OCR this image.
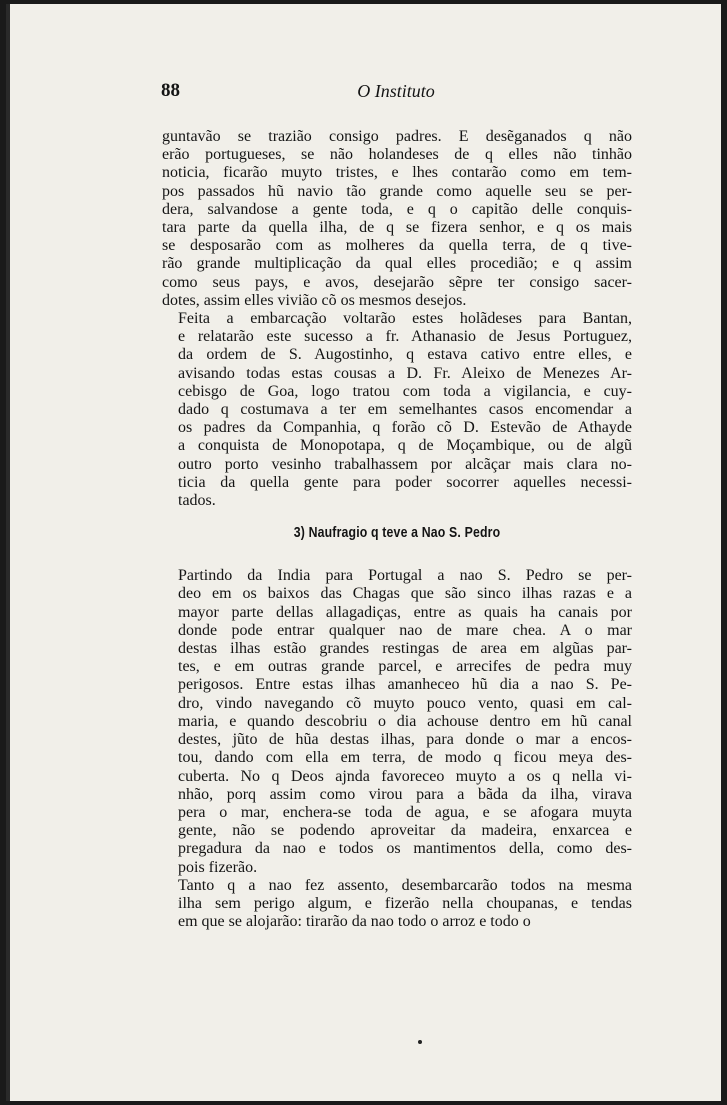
88	O Instituto

guntavão se trazião consigo padres. E desẽganados q não
erão portugueses, se não holandeses de q elles não tinhão
noticia, ficarão muyto tristes, e lhes contarão como em tem-
pos passados hũ navio tão grande como aquelle seu se per-
dera, salvandose a gente toda, e q o capitão delle conquis-
tara parte da quella ilha, de q se fizera senhor, e q os mais
se desposarão com as molheres da quella terra, de q tive-
rão grande multiplicação da qual elles procedião; e q assim
como seus pays, e avos, desejarão sẽpre ter consigo sacer-
dotes, assim elles vivião cõ os mesmos desejos.

Feita a embarcação voltarão estes holãdeses para Bantan,
e relatarão este sucesso a fr. Athanasio de Jesus Portuguez,
da ordem de S. Augostinho, q estava cativo entre elles, e
avisando todas estas cousas a D. Fr. Aleixo de Menezes Ar-
cebisgo de Goa, logo tratou com toda a vigilancia, e cuy-
dado q costumava a ter em semelhantes casos encomendar a
os padres da Companhia, q forão cõ D. Estevão de Athayde
a conquista de Monopotapa, q de Moçambique, ou de algũ
outro porto vesinho trabalhassem por alcãçar mais clara no-
ticia da quella gente para poder socorrer aquelles necessi-
tados.

3) Naufragio q teve a Nao S. Pedro

Partindo da India para Portugal a nao S. Pedro se per-
deo em os baixos das Chagas que são sinco ilhas razas e a
mayor parte dellas allagadiças, entre as quais ha canais por
donde pode entrar qualquer nao de mare chea. A o mar
destas ilhas estão grandes restingas de area em algũas par-
tes, e em outras grande parcel, e arrecifes de pedra muy
perigosos. Entre estas ilhas amanheceo hũ dia a nao S. Pe-
dro, vindo navegando cõ muyto pouco vento, quasi em cal-
maria, e quando descobriu o dia achouse dentro em hũ canal
destes, jũto de hũa destas ilhas, para donde o mar a encos-
tou, dando com ella em terra, de modo q ficou meya des-
cuberta. No q Deos ajnda favoreceo muyto a os q nella vi-
nhão, porq assim como virou para a bãda da ilha, virava
pera o mar, enchera-se toda de agua, e se afogara muyta
gente, não se podendo aproveitar da madeira, enxarcea e
pregadura da nao e todos os mantimentos della, como des-
pois fizerão.

Tanto q a nao fez assento, desembarcarão todos na mesma
ilha sem perigo algum, e fizerão nella choupanas, e tendas
em que se alojarão: tirarão da nao todo o arroz e todo o
